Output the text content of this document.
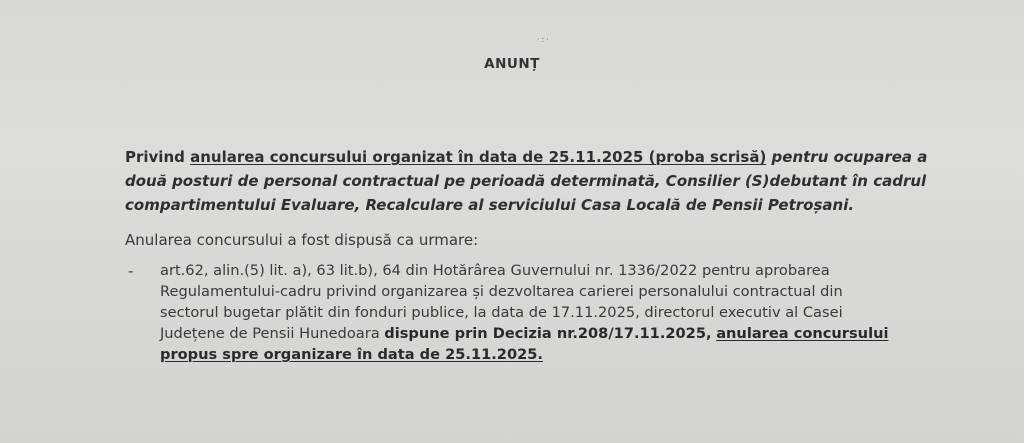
·:·
ANUNȚ
Privind anularea concursului organizat în data de 25.11.2025 (proba scrisă) pentru ocuparea a
două posturi de personal contractual pe perioadă determinată, Consilier (S)debutant în cadrul
compartimentului Evaluare, Recalculare al serviciului Casa Locală de Pensii Petroșani.
Anularea concursului a fost dispusă ca urmare:
- art.62, alin.(5) lit. a), 63 lit.b), 64 din Hotărârea Guvernului nr. 1336/2022 pentru aprobarea
Regulamentului-cadru privind organizarea și dezvoltarea carierei personalului contractual din
sectorul bugetar plătit din fonduri publice, la data de 17.11.2025, directorul executiv al Casei
Județene de Pensii Hunedoara dispune prin Decizia nr.208/17.11.2025, anularea concursului
propus spre organizare în data de 25.11.2025.
